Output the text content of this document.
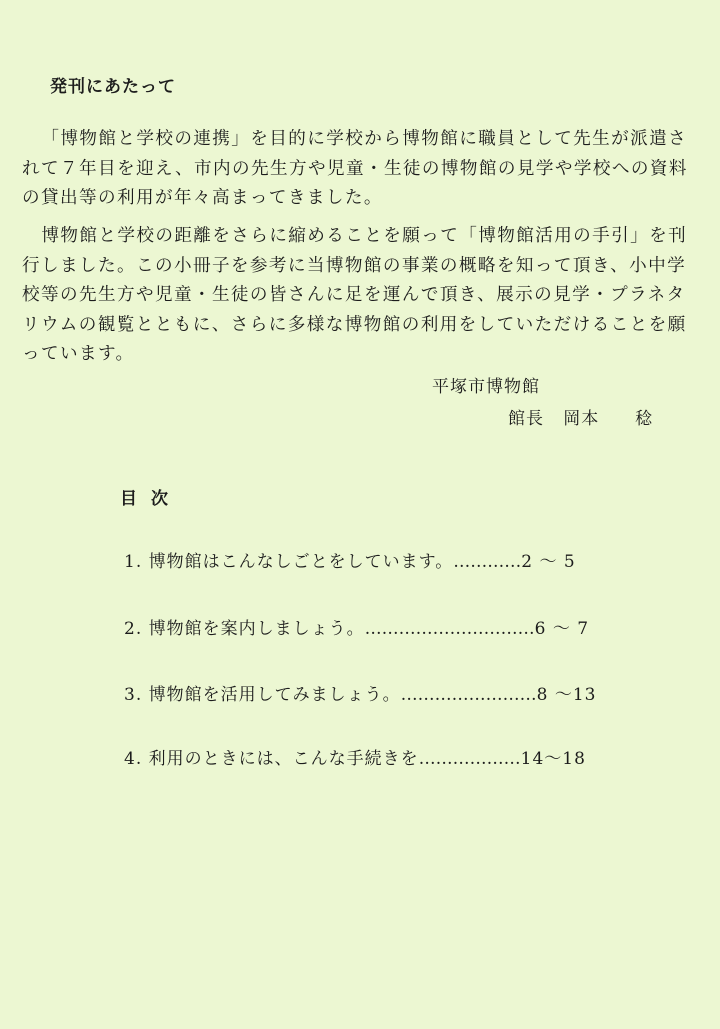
発刊にあたって

「博物館と学校の連携」を目的に学校から博物館に職員として先生が派遣されて７年目を迎え、市内の先生方や児童・生徒の博物館の見学や学校への資料の貸出等の利用が年々高まってきました。

博物館と学校の距離をさらに縮めることを願って「博物館活用の手引」を刊行しました。この小冊子を参考に当博物館の事業の概略を知って頂き、小中学校等の先生方や児童・生徒の皆さんに足を運んで頂き、展示の見学・プラネタリウムの観覧とともに、さらに多様な博物館の利用をしていただけることを願っています。

平塚市博物館
館長 岡本　　稔
目次
1. 博物館はこんなしごとをしています。…………2 ～ 5
2. 博物館を案内しましょう。…………………………6 ～ 7
3. 博物館を活用してみましょう。……………………8 ～13
4. 利用のときには、こんな手続きを………………14～18
